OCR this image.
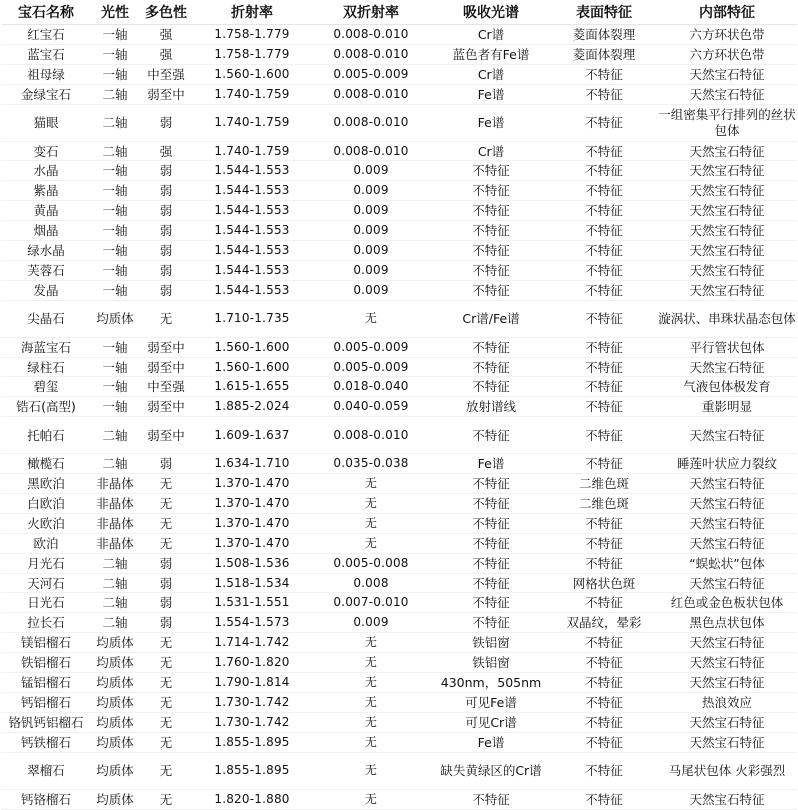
宝石名称	光性	多色性	折射率	双折射率	吸收光谱	表面特征	内部特征
红宝石	一轴	强	1.758-1.779	0.008-0.010	Cr谱	菱面体裂理	六方环状色带
蓝宝石	一轴	强	1.758-1.779	0.008-0.010	蓝色者有Fe谱	菱面体裂理	六方环状色带
祖母绿	一轴	中至强	1.560-1.600	0.005-0.009	Cr谱	不特征	天然宝石特征
金绿宝石	二轴	弱至中	1.740-1.759	0.008-0.010	Fe谱	不特征	天然宝石特征
猫眼	二轴	弱	1.740-1.759	0.008-0.010	Fe谱	不特征	一组密集平行排列的丝状包体
变石	二轴	强	1.740-1.759	0.008-0.010	Cr谱	不特征	天然宝石特征
水晶	一轴	弱	1.544-1.553	0.009	不特征	不特征	天然宝石特征
紫晶	一轴	弱	1.544-1.553	0.009	不特征	不特征	天然宝石特征
黄晶	一轴	弱	1.544-1.553	0.009	不特征	不特征	天然宝石特征
烟晶	一轴	弱	1.544-1.553	0.009	不特征	不特征	天然宝石特征
绿水晶	一轴	弱	1.544-1.553	0.009	不特征	不特征	天然宝石特征
芙蓉石	一轴	弱	1.544-1.553	0.009	不特征	不特征	天然宝石特征
发晶	一轴	弱	1.544-1.553	0.009	不特征	不特征	天然宝石特征
尖晶石	均质体	无	1.710-1.735	无	Cr谱/Fe谱	不特征	漩涡状、串珠状晶态包体
海蓝宝石	一轴	弱至中	1.560-1.600	0.005-0.009	不特征	不特征	平行管状包体
绿柱石	一轴	弱至中	1.560-1.600	0.005-0.009	不特征	不特征	天然宝石特征
碧玺	一轴	中至强	1.615-1.655	0.018-0.040	不特征	不特征	气液包体极发育
锆石(高型)	一轴	弱至中	1.885-2.024	0.040-0.059	放射谱线	不特征	重影明显
托帕石	二轴	弱至中	1.609-1.637	0.008-0.010	不特征	不特征	天然宝石特征
橄榄石	二轴	弱	1.634-1.710	0.035-0.038	Fe谱	不特征	睡莲叶状应力裂纹
黑欧泊	非晶体	无	1.370-1.470	无	不特征	二维色斑	天然宝石特征
白欧泊	非晶体	无	1.370-1.470	无	不特征	二维色斑	天然宝石特征
火欧泊	非晶体	无	1.370-1.470	无	不特征	不特征	天然宝石特征
欧泊	非晶体	无	1.370-1.470	无	不特征	不特征	天然宝石特征
月光石	二轴	弱	1.508-1.536	0.005-0.008	不特征	不特征	“蜈蚣状”包体
天河石	二轴	弱	1.518-1.534	0.008	不特征	网格状色斑	天然宝石特征
日光石	二轴	弱	1.531-1.551	0.007-0.010	不特征	不特征	红色或金色板状包体
拉长石	二轴	弱	1.554-1.573	0.009	不特征	双晶纹，晕彩	黑色点状包体
镁铝榴石	均质体	无	1.714-1.742	无	铁铝窗	不特征	天然宝石特征
铁铝榴石	均质体	无	1.760-1.820	无	铁铝窗	不特征	天然宝石特征
锰铝榴石	均质体	无	1.790-1.814	无	430nm，505nm	不特征	天然宝石特征
钙铝榴石	均质体	无	1.730-1.742	无	可见Fe谱	不特征	热浪效应
铬钒钙铝榴石	均质体	无	1.730-1.742	无	可见Cr谱	不特征	天然宝石特征
钙铁榴石	均质体	无	1.855-1.895	无	Fe谱	不特征	天然宝石特征
翠榴石	均质体	无	1.855-1.895	无	缺失黄绿区的Cr谱	不特征	马尾状包体 火彩强烈
钙铬榴石	均质体	无	1.820-1.880	无	不特征	不特征	天然宝石特征
